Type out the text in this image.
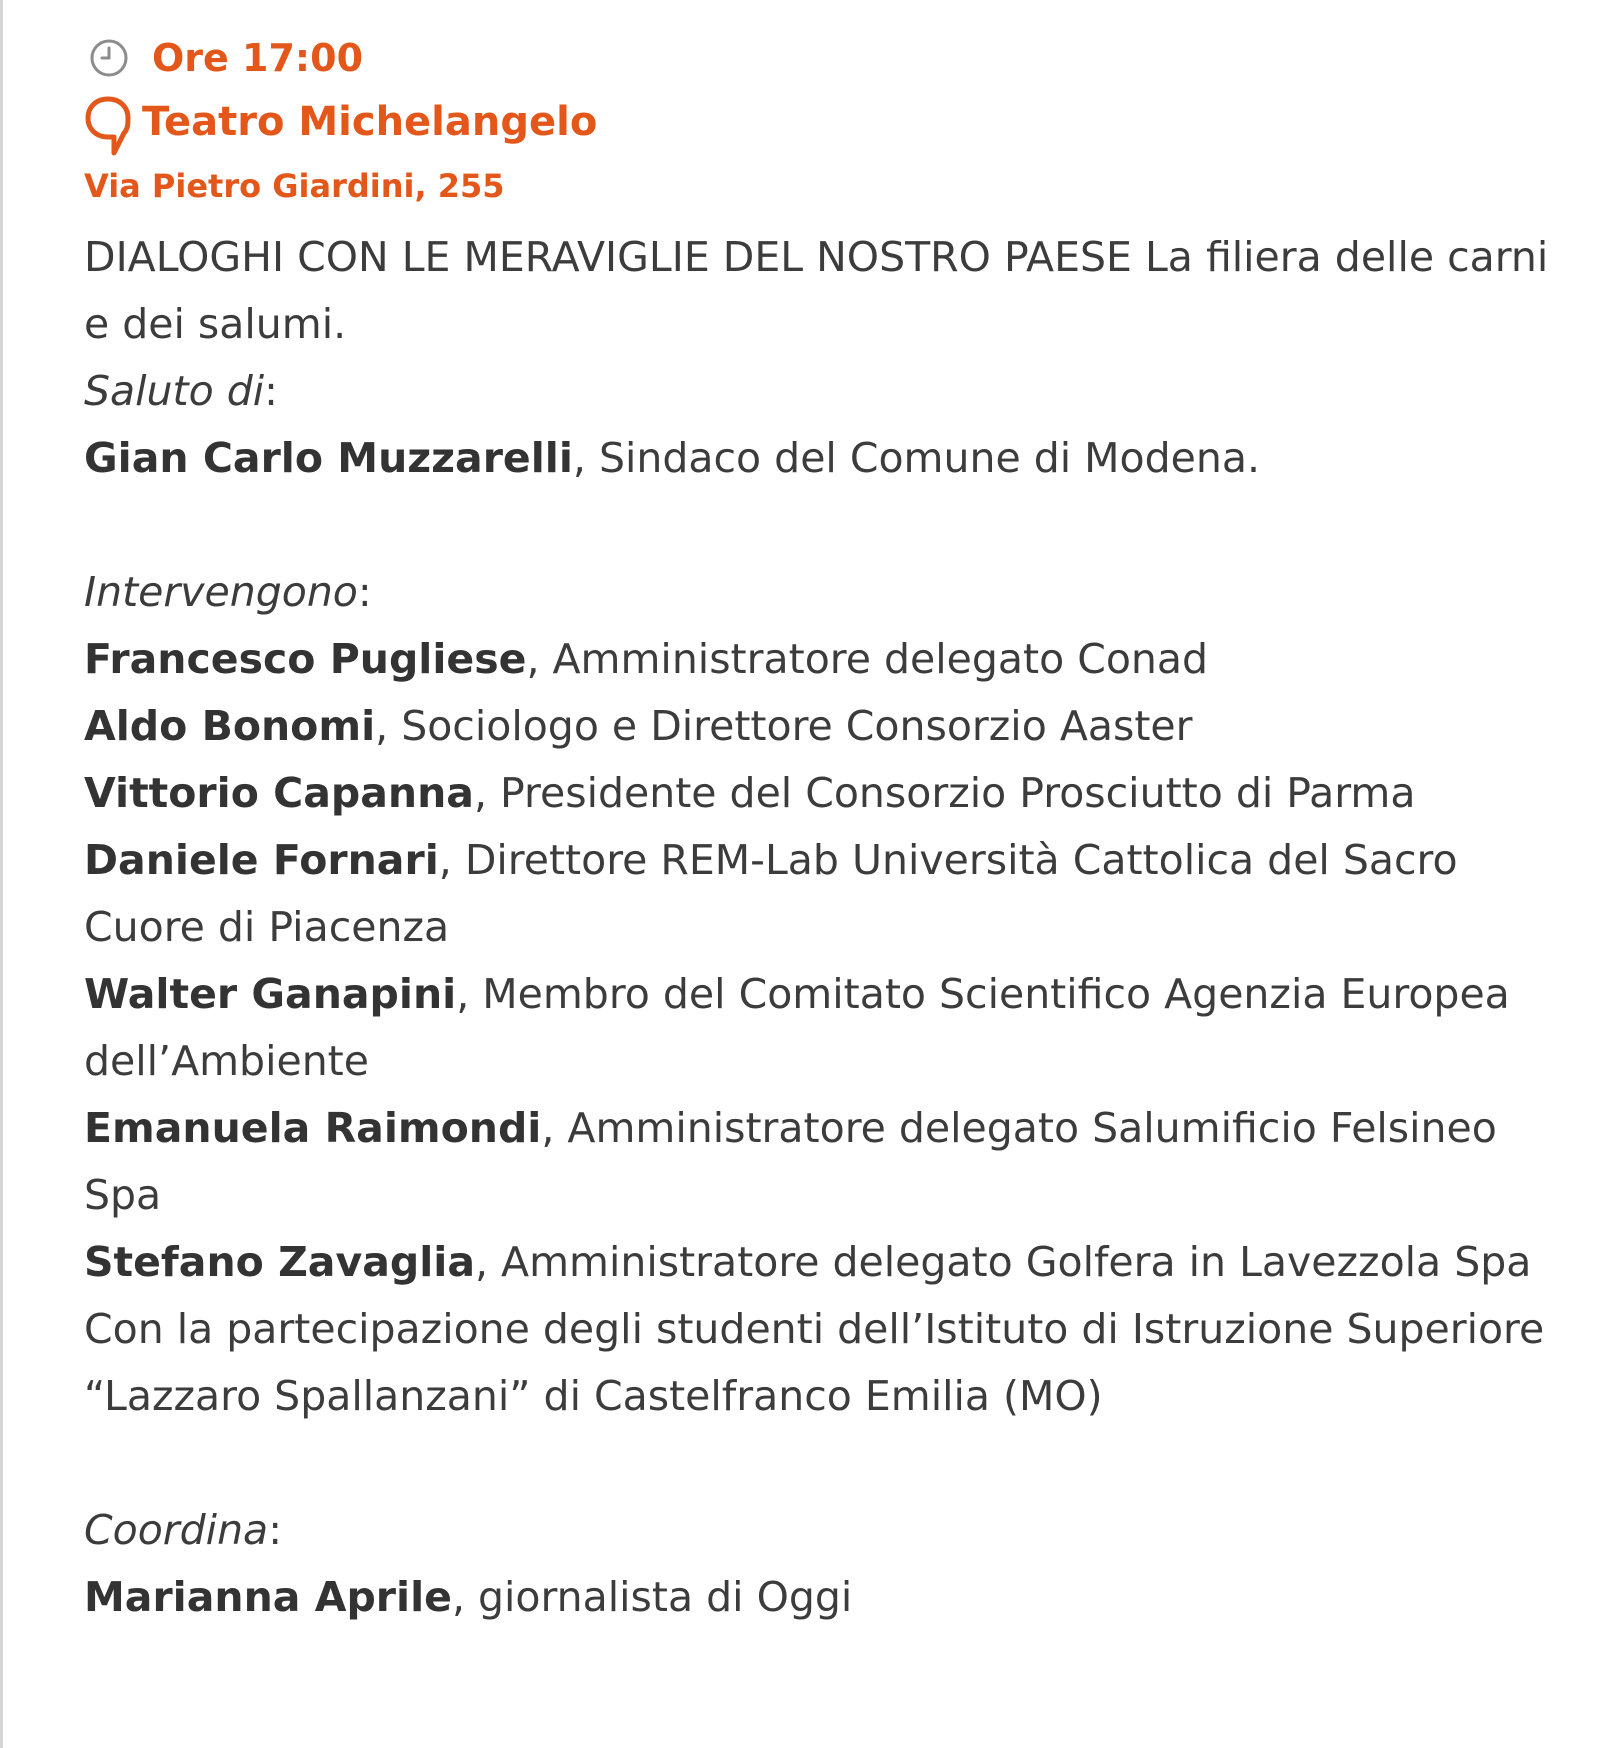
Ore 17:00
Teatro Michelangelo
Via Pietro Giardini, 255

DIALOGHI CON LE MERAVIGLIE DEL NOSTRO PAESE La filiera delle carni e dei salumi.

Saluto di:

Gian Carlo Muzzarelli, Sindaco del Comune di Modena.

Intervengono:

Francesco Pugliese, Amministratore delegato Conad

Aldo Bonomi, Sociologo e Direttore Consorzio Aaster

Vittorio Capanna, Presidente del Consorzio Prosciutto di Parma

Daniele Fornari, Direttore REM-Lab Università Cattolica del Sacro Cuore di Piacenza

Walter Ganapini, Membro del Comitato Scientifico Agenzia Europea dell’Ambiente

Emanuela Raimondi, Amministratore delegato Salumificio Felsineo Spa

Stefano Zavaglia, Amministratore delegato Golfera in Lavezzola Spa

Con la partecipazione degli studenti dell’Istituto di Istruzione Superiore “Lazzaro Spallanzani” di Castelfranco Emilia (MO)

Coordina:

Marianna Aprile, giornalista di Oggi
